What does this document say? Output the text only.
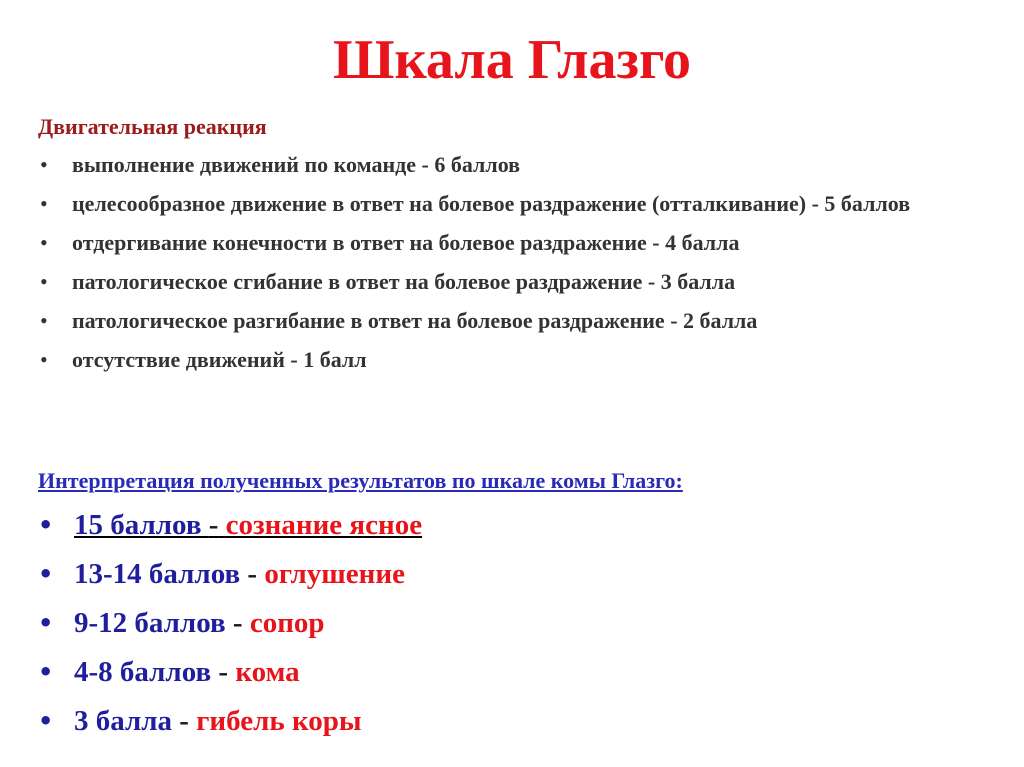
Шкала Глазго
Двигательная реакция
• выполнение движений по команде - 6 баллов
• целесообразное движение в ответ на болевое раздражение (отталкивание) - 5 баллов
• отдергивание конечности в ответ на болевое раздражение - 4 балла
• патологическое сгибание в ответ на болевое раздражение - 3 балла
• патологическое разгибание в ответ на болевое раздражение - 2 балла
• отсутствие движений - 1 балл
Интерпретация полученных результатов по шкале комы Глазго:
• 15 баллов - сознание ясное
• 13-14 баллов - оглушение
• 9-12 баллов - сопор
• 4-8 баллов - кома
• 3 балла - гибель коры
